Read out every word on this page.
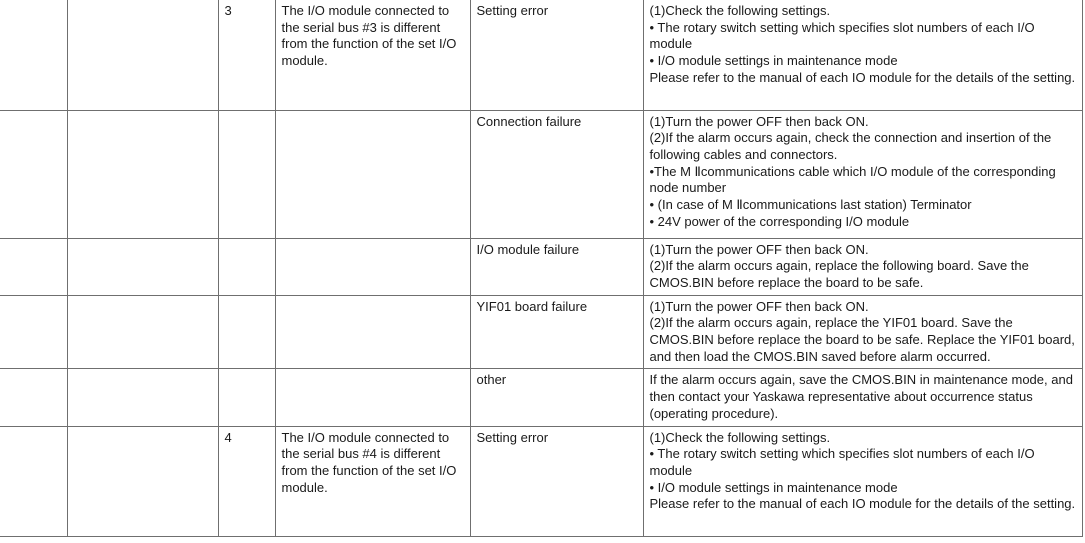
		3	The I/O module connected to the serial bus #3 is different from the function of the set I/O module.	Setting error	(1)Check the following settings.
• The rotary switch setting which specifies slot numbers of each I/O module
• I/O module settings in maintenance mode
Please refer to the manual of each IO module for the details of the setting.

				Connection failure	(1)Turn the power OFF then back ON.
(2)If the alarm occurs again, check the connection and insertion of the following cables and connectors.
•The M Ⅱcommunications cable which I/O module of the corresponding node number
• (In case of M Ⅱcommunications last station) Terminator
• 24V power of the corresponding I/O module

				I/O module failure	(1)Turn the power OFF then back ON.
(2)If the alarm occurs again, replace the following board. Save the CMOS.BIN before replace the board to be safe.

				YIF01 board failure	(1)Turn the power OFF then back ON.
(2)If the alarm occurs again, replace the YIF01 board. Save the CMOS.BIN before replace the board to be safe. Replace the YIF01 board, and then load the CMOS.BIN saved before alarm occurred.

				other	If the alarm occurs again, save the CMOS.BIN in maintenance mode, and then contact your Yaskawa representative about occurrence status (operating procedure).

		4	The I/O module connected to the serial bus #4 is different from the function of the set I/O module.	Setting error	(1)Check the following settings.
• The rotary switch setting which specifies slot numbers of each I/O module
• I/O module settings in maintenance mode
Please refer to the manual of each IO module for the details of the setting.
